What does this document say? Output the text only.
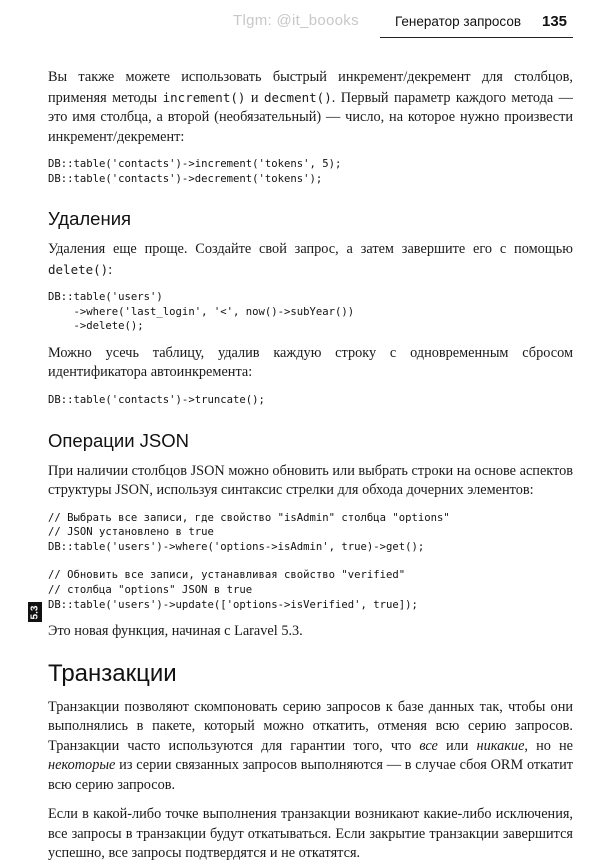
Tlgm: @it_boooks	Генератор запросов 135
5.3

Вы также можете использовать быстрый инкремент/декремент для столбцов, применяя методы increment() и decment(). Первый параметр каждого метода — это имя столбца, а второй (необязательный) — число, на которое нужно произвести инкремент/декремент:

DB::table('contacts')->increment('tokens', 5);
DB::table('contacts')->decrement('tokens');
Удаления

Удаления еще проще. Создайте свой запрос, а затем завершите его с помощью delete():

DB::table('users')
->where('last_login', '<', now()->subYear())
->delete();

Можно усечь таблицу, удалив каждую строку с одновременным сбросом идентификатора автоинкремента:

DB::table('contacts')->truncate();
Операции JSON

При наличии столбцов JSON можно обновить или выбрать строки на основе аспектов структуры JSON, используя синтаксис стрелки для обхода дочерних элементов:

// Выбрать все записи, где свойство "isAdmin" столбца "options"
// JSON установлено в true
DB::table('users')->where('options->isAdmin', true)->get();
// Обновить все записи, устанавливая свойство "verified"
// столбца "options" JSON в true
DB::table('users')->update(['options->isVerified', true]);

Это новая функция, начиная с Laravel 5.3.

Транзакции

Транзакции позволяют скомпоновать серию запросов к базе данных так, чтобы они выполнялись в пакете, который можно откатить, отменяя всю серию запросов. Транзакции часто используются для гарантии того, что все или никакие, но не некоторые из серии связанных запросов выполняются — в случае сбоя ORM откатит всю серию запросов.

Если в какой-либо точке выполнения транзакции возникают какие-либо исключения, все запросы в транзакции будут откатываться. Если закрытие транзакции завершится успешно, все запросы подтвердятся и не откатятся.
